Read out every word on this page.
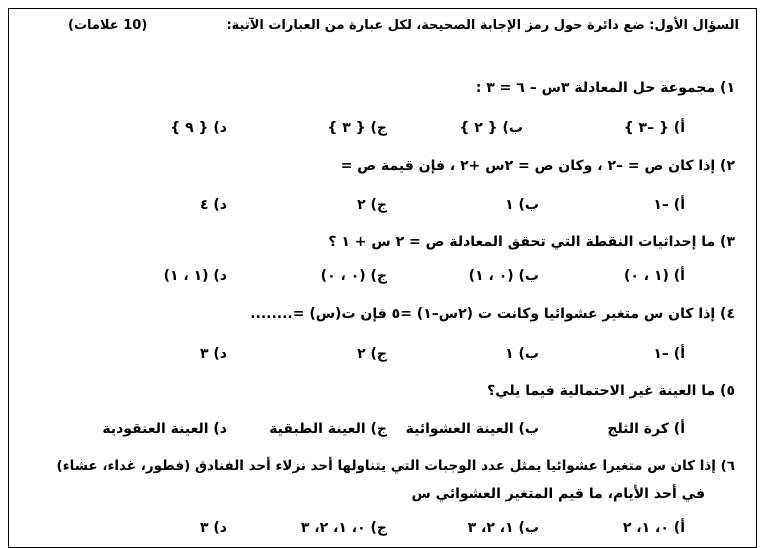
السؤال الأول: ضع دائرة حول رمز الإجابة الصحيحة، لكل عبارة من العبارات الآتية:
(10 علامات)
١) مجموعة حل المعادلة ٣س – ٦ = ٣ :
أ) { –٣ }
ب) { ٢ }
ج) { ٣ }
د) { ٩ }
٢) إذا كان ص = –٢ ، وكان ص = ٢س +٢ ، فإن قيمة ص =
أ) –١
ب) ١
ج) ٢
د) ٤
٣) ما إحداثيات النقطة التي تحقق المعادلة ص = ٢ س + ١ ؟
أ) (١ ، ٠)
ب) (٠ ، ١)
ج) (٠ ، ٠)
د) (١ ، ١)
٤) إذا كان س متغير عشوائيا وكانت ت (٢س–١) =٥ فإن ت(س) =........
أ) –١
ب) ١
ج) ٢
د) ٣
٥) ما العينة غير الاحتمالية فيما يلي؟
أ) كرة الثلج
ب) العينة العشوائية
ج) العينة الطبقية
د) العينة العنقودية
٦) إذا كان س متغيرا عشوائيا يمثل عدد الوجبات التي يتناولها أحد نزلاء أحد الفنادق (فطور، غداء، عشاء)
في أحد الأيام، ما قيم المتغير العشوائي س
أ) ٠، ١، ٢
ب) ١، ٢، ٣
ج) ٠، ١، ٢، ٣
د) ٣
